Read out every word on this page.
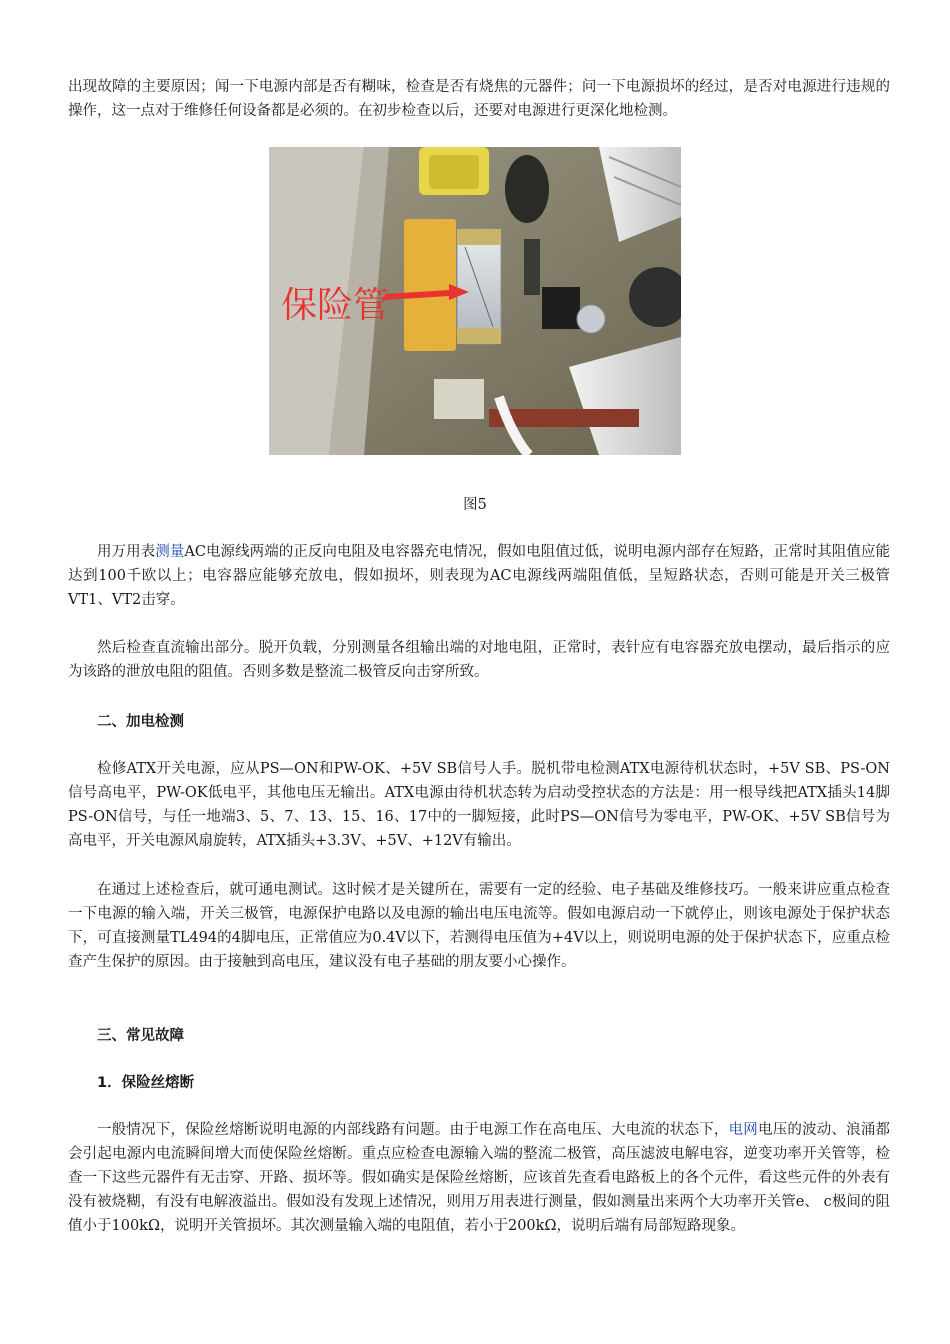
出现故障的主要原因；闻一下电源内部是否有糊味，检查是否有烧焦的元器件；问一下电源损坏的经过，是否对电源进行违规的操作，这一点对于维修任何设备都是必须的。在初步检查以后，还要对电源进行更深化地检测。

保险管
图5

用万用表测量AC电源线两端的正反向电阻及电容器充电情况，假如电阻值过低，说明电源内部存在短路，正常时其阻值应能达到100千欧以上；电容器应能够充放电，假如损坏，则表现为AC电源线两端阻值低，呈短路状态，否则可能是开关三极管VT1、VT2击穿。

然后检查直流输出部分。脱开负载，分别测量各组输出端的对地电阻，正常时，表针应有电容器充放电摆动，最后指示的应为该路的泄放电阻的阻值。否则多数是整流二极管反向击穿所致。

二、加电检测

检修ATX开关电源，应从PS—ON和PW-OK、+5V SB信号人手。脱机带电检测ATX电源待机状态时，+5V SB、PS-ON信号高电平，PW-OK低电平，其他电压无输出。ATX电源由待机状态转为启动受控状态的方法是：用一根导线把ATX插头14脚PS-ON信号，与任一地端3、5、7、13、15、16、17中的一脚短接，此时PS—ON信号为零电平，PW-OK、+5V SB信号为高电平，开关电源风扇旋转，ATX插头+3.3V、+5V、+12V有输出。

在通过上述检查后，就可通电测试。这时候才是关键所在，需要有一定的经验、电子基础及维修技巧。一般来讲应重点检查一下电源的输入端，开关三极管，电源保护电路以及电源的输出电压电流等。假如电源启动一下就停止，则该电源处于保护状态下，可直接测量TL494的4脚电压，正常值应为0.4V以下，若测得电压值为+4V以上，则说明电源的处于保护状态下，应重点检查产生保护的原因。由于接触到高电压，建议没有电子基础的朋友要小心操作。

三、常见故障

1．保险丝熔断

一般情况下，保险丝熔断说明电源的内部线路有问题。由于电源工作在高电压、大电流的状态下，电网电压的波动、浪涌都会引起电源内电流瞬间增大而使保险丝熔断。重点应检查电源输入端的整流二极管，高压滤波电解电容，逆变功率开关管等，检查一下这些元器件有无击穿、开路、损坏等。假如确实是保险丝熔断，应该首先查看电路板上的各个元件，看这些元件的外表有没有被烧糊，有没有电解液溢出。假如没有发现上述情况，则用万用表进行测量，假如测量出来两个大功率开关管e、 c极间的阻值小于100kΩ，说明开关管损坏。其次测量输入端的电阻值，若小于200kΩ，说明后端有局部短路现象。
